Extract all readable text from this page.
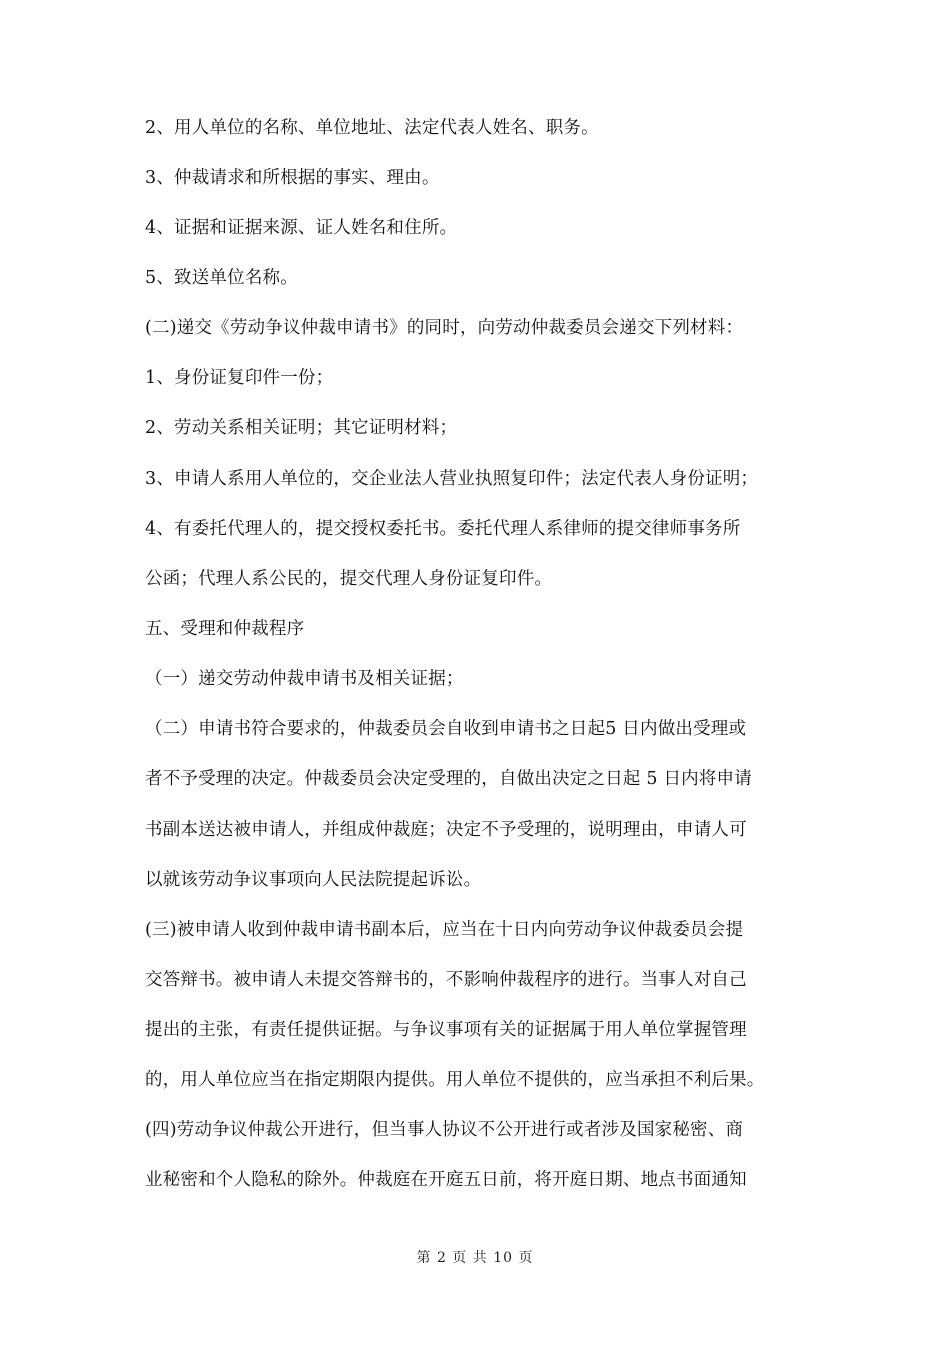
2、用人单位的名称、单位地址、法定代表人姓名、职务。
3、仲裁请求和所根据的事实、理由。
4、证据和证据来源、证人姓名和住所。
5、致送单位名称。
(二)递交《劳动争议仲裁申请书》的同时，向劳动仲裁委员会递交下列材料：
1、身份证复印件一份；
2、劳动关系相关证明；其它证明材料；
3、申请人系用人单位的，交企业法人营业执照复印件；法定代表人身份证明；
4、有委托代理人的，提交授权委托书。委托代理人系律师的提交律师事务所
公函；代理人系公民的，提交代理人身份证复印件。
五、受理和仲裁程序
（一）递交劳动仲裁申请书及相关证据；
（二）申请书符合要求的，仲裁委员会自收到申请书之日起5 日内做出受理或
者不予受理的决定。仲裁委员会决定受理的，自做出决定之日起 5 日内将申请
书副本送达被申请人，并组成仲裁庭；决定不予受理的，说明理由，申请人可
以就该劳动争议事项向人民法院提起诉讼。
(三)被申请人收到仲裁申请书副本后，应当在十日内向劳动争议仲裁委员会提
交答辩书。被申请人未提交答辩书的，不影响仲裁程序的进行。当事人对自己
提出的主张，有责任提供证据。与争议事项有关的证据属于用人单位掌握管理
的，用人单位应当在指定期限内提供。用人单位不提供的，应当承担不利后果。
(四)劳动争议仲裁公开进行，但当事人协议不公开进行或者涉及国家秘密、商
业秘密和个人隐私的除外。仲裁庭在开庭五日前，将开庭日期、地点书面通知
第 2 页 共 10 页
